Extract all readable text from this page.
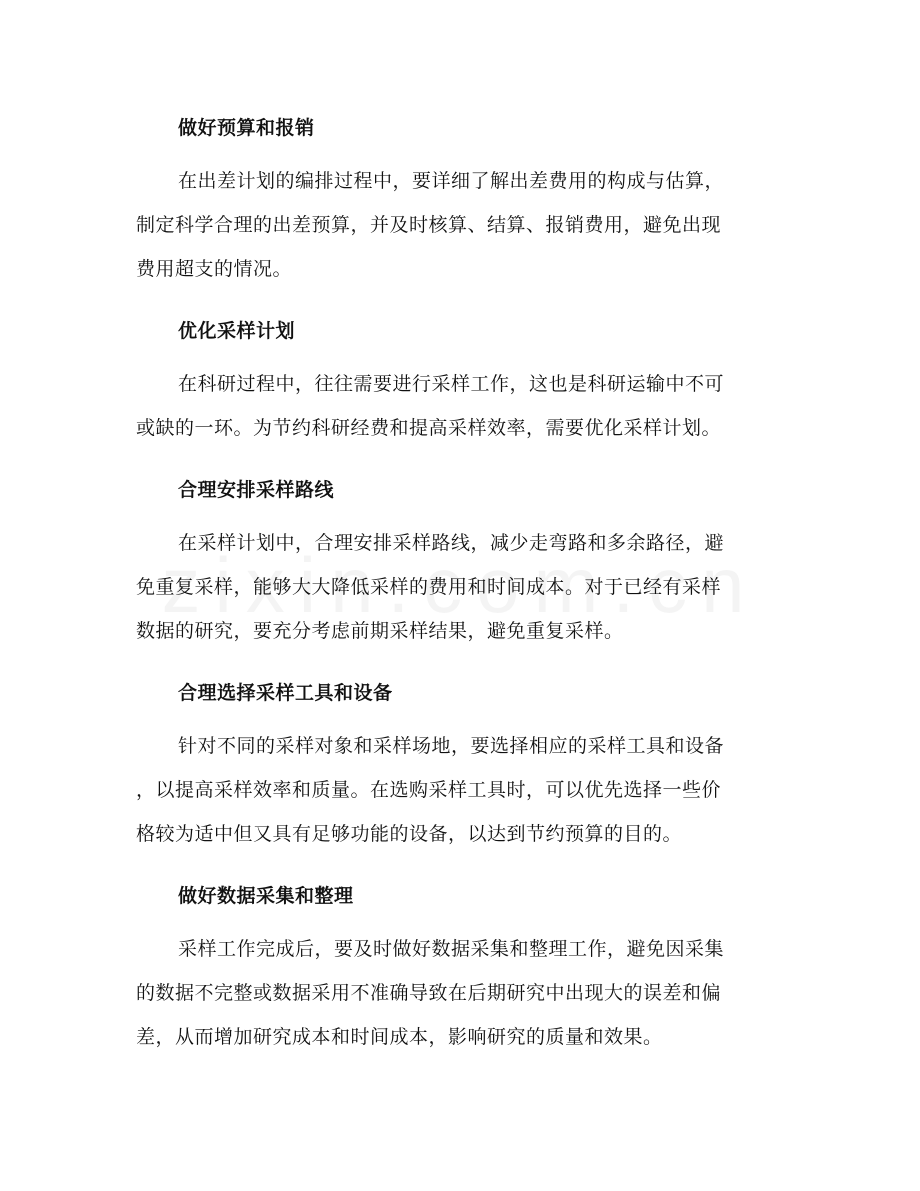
做好预算和报销
在出差计划的编排过程中，要详细了解出差费用的构成与估算，
制定科学合理的出差预算，并及时核算、结算、报销费用，避免出现
费用超支的情况。
优化采样计划
在科研过程中，往往需要进行采样工作，这也是科研运输中不可
或缺的一环。为节约科研经费和提高采样效率，需要优化采样计划。
合理安排采样路线
在采样计划中，合理安排采样路线，减少走弯路和多余路径，避
免重复采样，能够大大降低采样的费用和时间成本。对于已经有采样
数据的研究，要充分考虑前期采样结果，避免重复采样。
合理选择采样工具和设备
针对不同的采样对象和采样场地，要选择相应的采样工具和设备
，以提高采样效率和质量。在选购采样工具时，可以优先选择一些价
格较为适中但又具有足够功能的设备，以达到节约预算的目的。
做好数据采集和整理
采样工作完成后，要及时做好数据采集和整理工作，避免因采集
的数据不完整或数据采用不准确导致在后期研究中出现大的误差和偏
差，从而增加研究成本和时间成本，影响研究的质量和效果。
